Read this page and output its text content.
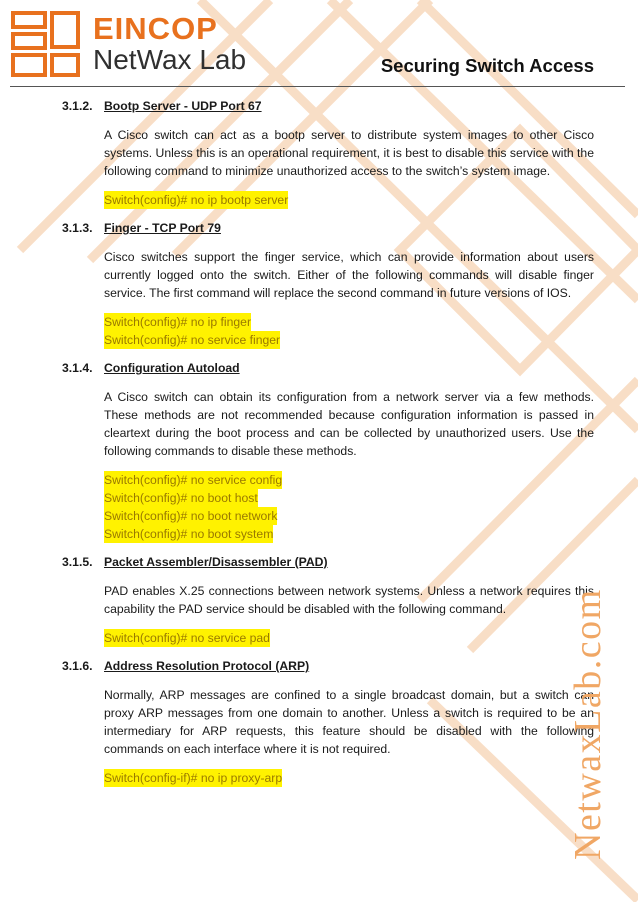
EINCOP
NetWax Lab	Securing Switch Access
3.1.2. Bootp Server - UDP Port 67

A Cisco switch can act as a bootp server to distribute system images to other Cisco systems. Unless this is an operational requirement, it is best to disable this service with the following command to minimize unauthorized access to the switch’s system image.

Switch(config)# no ip bootp server
3.1.3. Finger - TCP Port 79

Cisco switches support the finger service, which can provide information about users currently logged onto the switch. Either of the following commands will disable finger service. The first command will replace the second command in future versions of IOS.

Switch(config)# no ip finger
Switch(config)# no service finger
3.1.4. Configuration Autoload

A Cisco switch can obtain its configuration from a network server via a few methods. These methods are not recommended because configuration information is passed in cleartext during the boot process and can be collected by unauthorized users. Use the following commands to disable these methods.

Switch(config)# no service config
Switch(config)# no boot host
Switch(config)# no boot network
Switch(config)# no boot system
3.1.5. Packet Assembler/Disassembler (PAD)

PAD enables X.25 connections between network systems. Unless a network requires this capability the PAD service should be disabled with the following command.

Switch(config)# no service pad
3.1.6. Address Resolution Protocol (ARP)

Normally, ARP messages are confined to a single broadcast domain, but a switch can proxy ARP messages from one domain to another. Unless a switch is required to be an intermediary for ARP requests, this feature should be disabled with the following commands on each interface where it is not required.

Switch(config-if)# no ip proxy-arp	NetwaxLab.com
